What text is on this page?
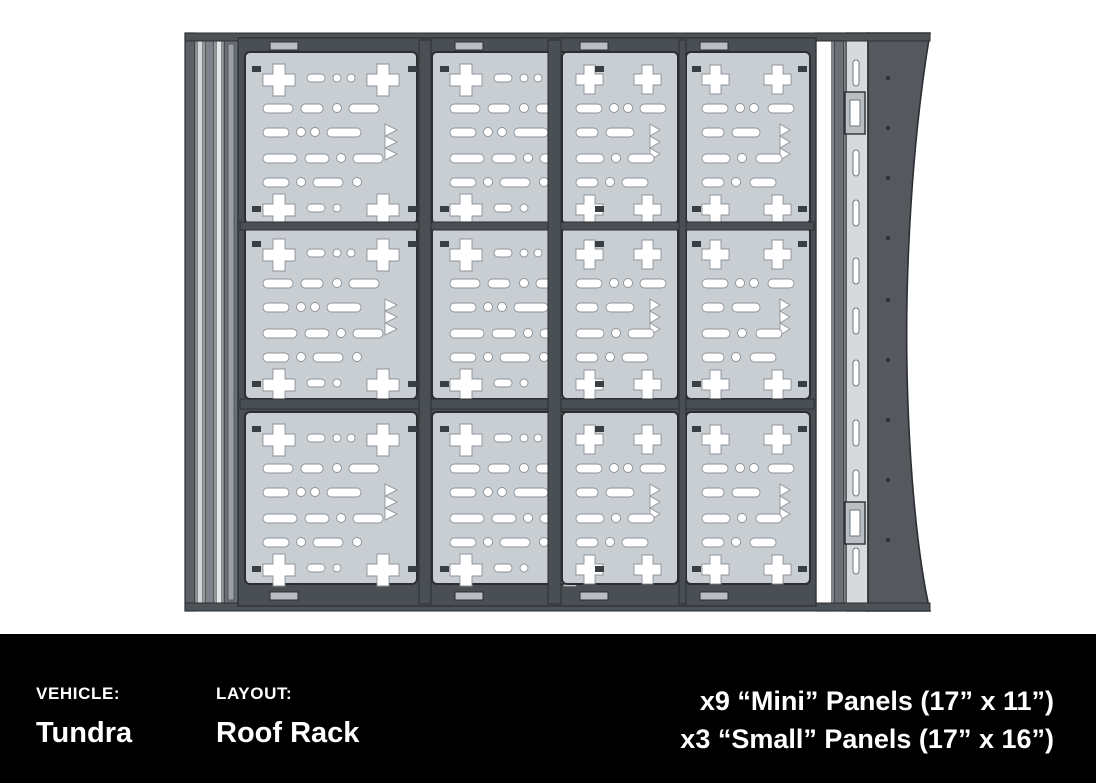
VEHICLE:
Tundra
LAYOUT:
Roof Rack
x9 “Mini” Panels (17” x 11”)
x3 “Small” Panels (17” x 16”)
